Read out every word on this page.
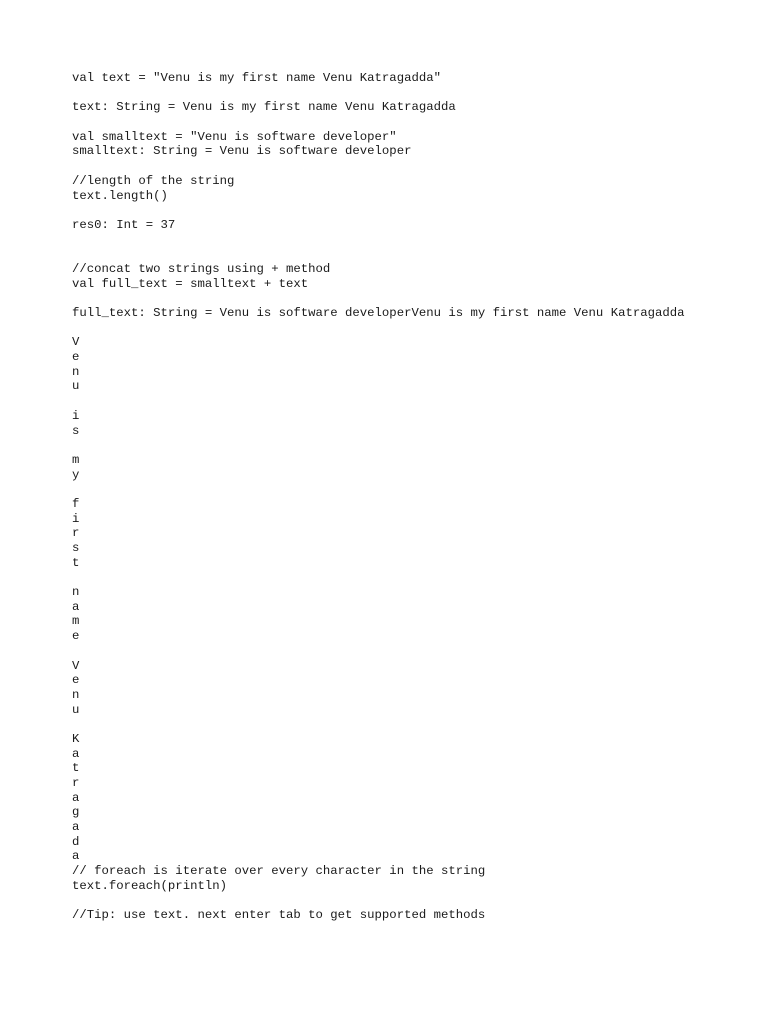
val text = "Venu is my first name Venu Katragadda"
text: String = Venu is my first name Venu Katragadda
val smalltext = "Venu is software developer"
smalltext: String = Venu is software developer
//length of the string
text.length()
res0: Int = 37
//concat two strings using + method
val full_text = smalltext + text
full_text: String = Venu is software developerVenu is my first name Venu Katragadda
V
e
n
u
i
s
m
y
f
i
r
s
t
n
a
m
e
V
e
n
u
K
a
t
r
a
g
a
d
a
// foreach is iterate over every character in the string
text.foreach(println)
//Tip: use text. next enter tab to get supported methods
